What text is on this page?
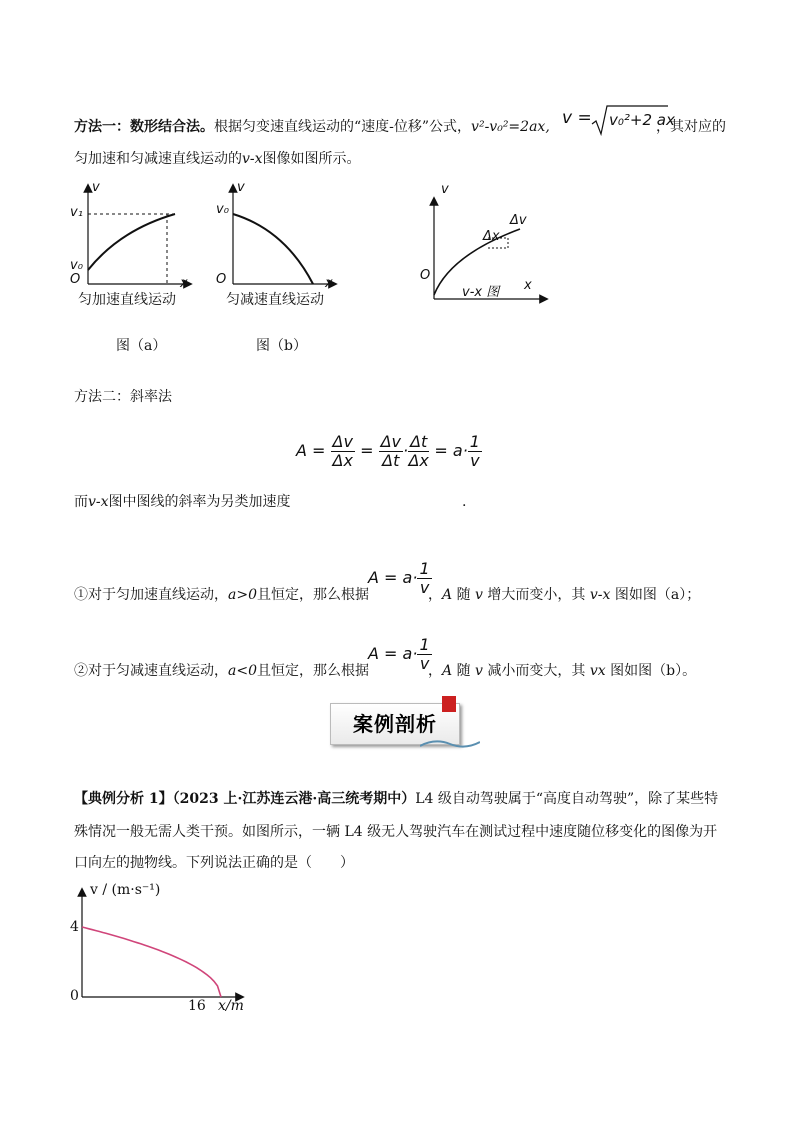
方法一：数形结合法。根据匀变速直线运动的“速度-位移”公式，v²-v₀²=2ax, v = v₀²+2 ax
，其对应的
匀加速和匀减速直线运动的v-x图像如图所示。
v
v₁
v₀
O	x
匀加速直线运动
图（a）
v
v₀
O	x
匀减速直线运动
图（b）
v
O
x
Δv
Δx
v-x 图
方法二：斜率法
$A = \frac{\Delta v}{\Delta x} = \frac{\Delta v}{\Delta t} \cdot \frac{\Delta t}{\Delta x} = a\cdot \frac{1}{v}$
而v-x图中图线的斜率为另类加速度	.
①对于匀加速直线运动，a>0且恒定，那么根据
$A = a\cdot \frac{1}{v}$
，A 随 v 增大而变小，其 v-x 图如图（a）；
②对于匀减速直线运动，a<0且恒定，那么根据
$A = a\cdot \frac{1}{v}$
，A 随 v 减小而变大，其 vx 图如图（b）。
案例剖析
【典例分析 1】（2023 上·江苏连云港·高三统考期中）L4 级自动驾驶属于“高度自动驾驶”，除了某些特
殊情况一般无需人类干预。如图所示，一辆 L4 级无人驾驶汽车在测试过程中速度随位移变化的图像为开
口向左的抛物线。下列说法正确的是（　　）
v / (m·s⁻¹)
4
0
16 x/m
